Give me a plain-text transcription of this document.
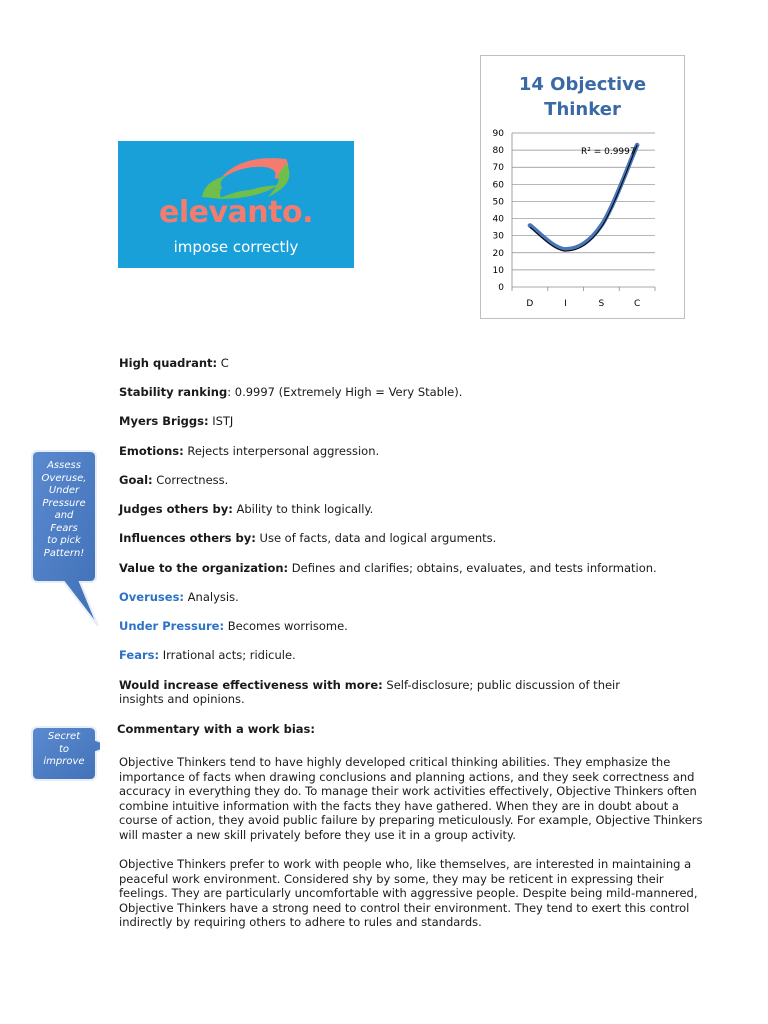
elevanto.
impose correctly
14 Objective
Thinker
90
80
70
60
50
40
30
20
10
0
D	I	S	C
R² = 0.9997

High quadrant: C

Stability ranking: 0.9997 (Extremely High = Very Stable).

Myers Briggs: ISTJ

Emotions: Rejects interpersonal aggression.

Goal: Correctness.

Judges others by: Ability to think logically.

Influences others by: Use of facts, data and logical arguments.

Value to the organization: Defines and clarifies; obtains, evaluates, and tests information.

Overuses: Analysis.

Under Pressure: Becomes worrisome.

Fears: Irrational acts; ridicule.

Would increase effectiveness with more: Self-disclosure; public discussion of their
insights and opinions.

Commentary with a work bias:

Objective Thinkers tend to have highly developed critical thinking abilities. They emphasize the importance of facts when drawing conclusions and planning actions, and they seek correctness and accuracy in everything they do. To manage their work activities effectively, Objective Thinkers often combine intuitive information with the facts they have gathered. When they are in doubt about a course of action, they avoid public failure by preparing meticulously. For example, Objective Thinkers will master a new skill privately before they use it in a group activity.

Objective Thinkers prefer to work with people who, like themselves, are interested in maintaining a peaceful work environment. Considered shy by some, they may be reticent in expressing their feelings. They are particularly uncomfortable with aggressive people. Despite being mild-mannered, Objective Thinkers have a strong need to control their environment. They tend to exert this control indirectly by requiring others to adhere to rules and standards.

Assess
Overuse,
Under
Pressure
and
Fears
to pick
Pattern!
Secret
to
improve
